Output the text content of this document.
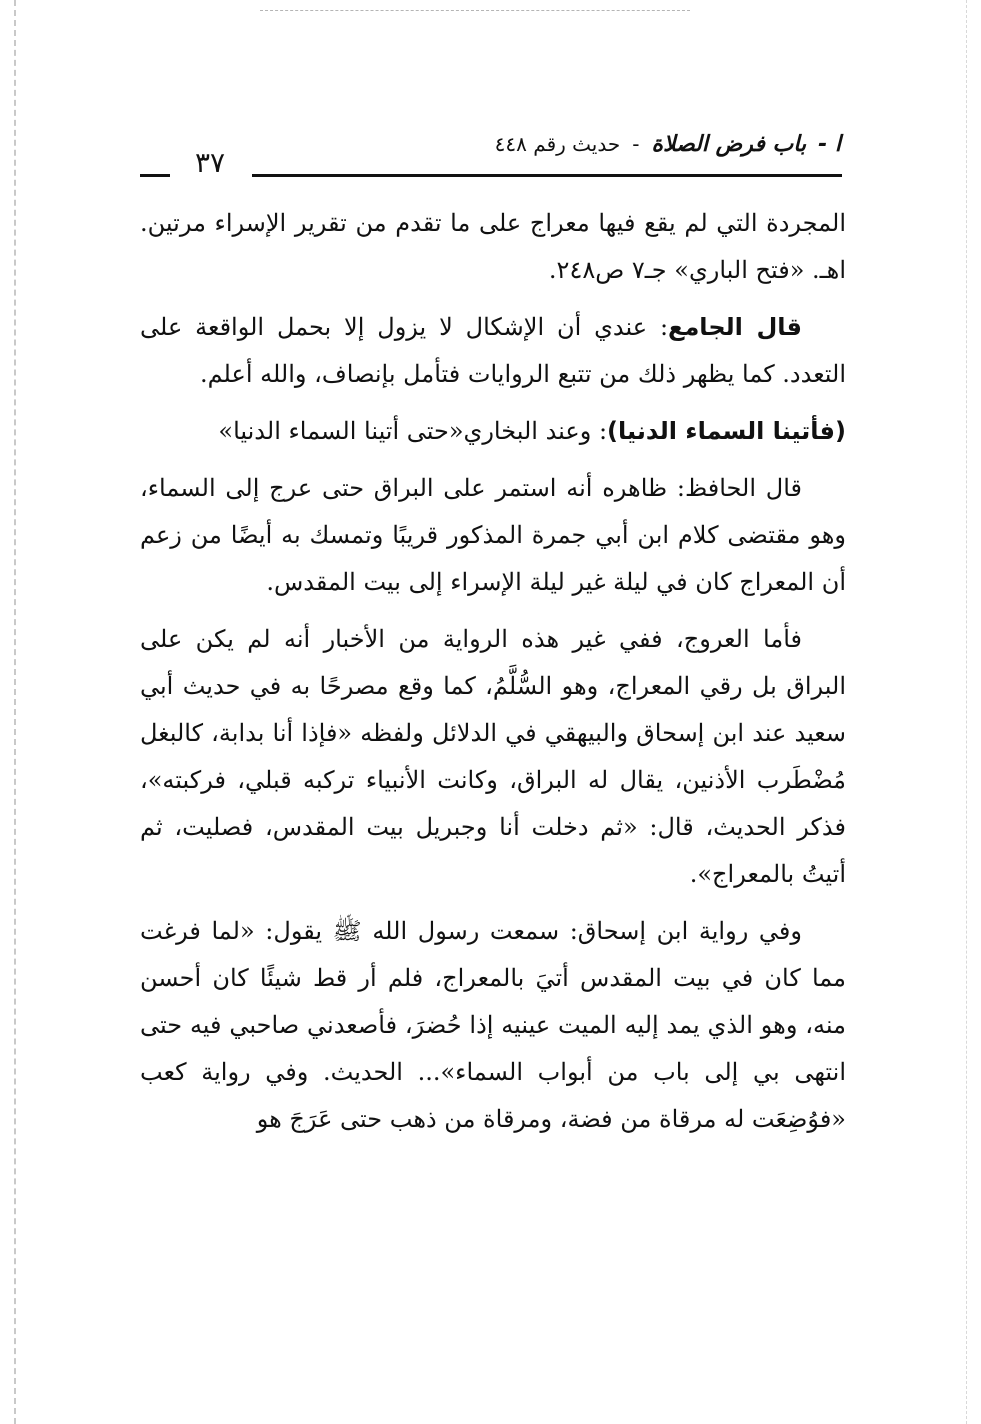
ا -
باب فرض الصلاة
-
حديث رقم ٤٤٨
٣٧

المجردة التي لم يقع فيها معراج على ما تقدم من تقرير الإسراء مرتين. اهـ. «فتح الباري» جـ٧ ص٢٤٨.

قال الجامع: عندي أن الإشكال لا يزول إلا بحمل الواقعة على التعدد. كما يظهر ذلك من تتبع الروايات فتأمل بإنصاف، والله أعلم.

(فأتينا السماء الدنيا): وعند البخاري«حتى أتينا السماء الدنيا»

قال الحافظ: ظاهره أنه استمر على البراق حتى عرج إلى السماء، وهو مقتضى كلام ابن أبي جمرة المذكور قريبًا وتمسك به أيضًا من زعم أن المعراج كان في ليلة غير ليلة الإسراء إلى بيت المقدس.

فأما العروج، ففي غير هذه الرواية من الأخبار أنه لم يكن على البراق بل رقي المعراج، وهو السُّلَّمُ، كما وقع مصرحًا به في حديث أبي سعيد عند ابن إسحاق والبيهقي في الدلائل ولفظه «فإذا أنا بدابة، كالبغل مُضْطَرب الأذنين، يقال له البراق، وكانت الأنبياء تركبه قبلي، فركبته»، فذكر الحديث، قال: «ثم دخلت أنا وجبريل بيت المقدس، فصليت، ثم أتيتُ بالمعراج».

وفي رواية ابن إسحاق: سمعت رسول الله ﷺ يقول: «لما فرغت مما كان في بيت المقدس أتيَ بالمعراج، فلم أر قط شيئًا كان أحسن منه، وهو الذي يمد إليه الميت عينيه إذا حُضرَ، فأصعدني صاحبي فيه حتى انتهى بي إلى باب من أبواب السماء»... الحديث. وفي رواية كعب «فوُضِعَت له مرقاة من فضة، ومرقاة من ذهب حتى عَرَجَ هو
